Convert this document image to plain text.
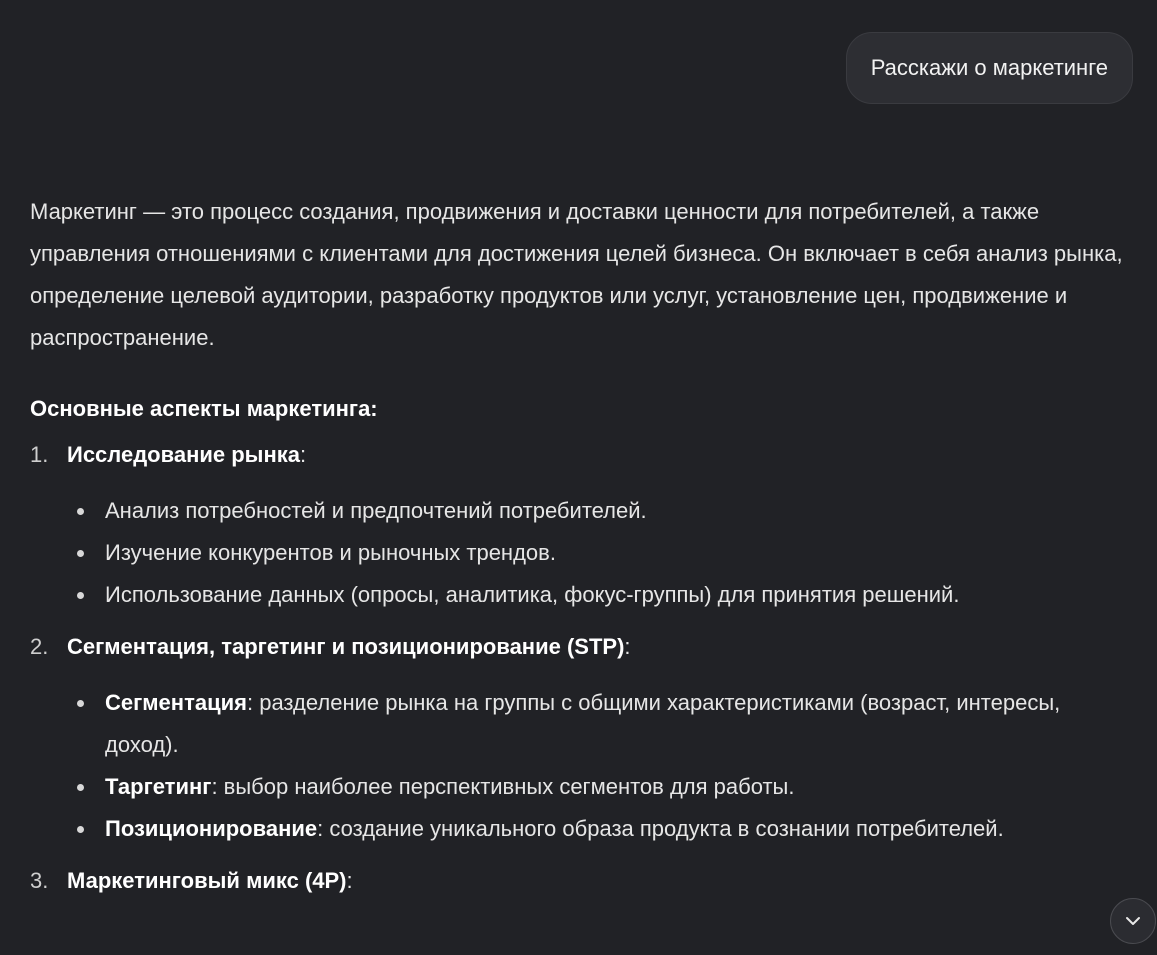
Расскажи о маркетинге

Маркетинг — это процесс создания, продвижения и доставки ценности для потребителей, а также управления отношениями с клиентами для достижения целей бизнеса. Он включает в себя анализ рынка, определение целевой аудитории, разработку продуктов или услуг, установление цен, продвижение и распространение.

Основные аспекты маркетинга:
1. Исследование рынка:
Анализ потребностей и предпочтений потребителей.
Изучение конкурентов и рыночных трендов.
Использование данных (опросы, аналитика, фокус-группы) для принятия решений.
2. Сегментация, таргетинг и позиционирование (STP):
Сегментация: разделение рынка на группы с общими характеристиками (возраст, интересы, доход).
Таргетинг: выбор наиболее перспективных сегментов для работы.
Позиционирование: создание уникального образа продукта в сознании потребителей.
3. Маркетинговый микс (4P):
